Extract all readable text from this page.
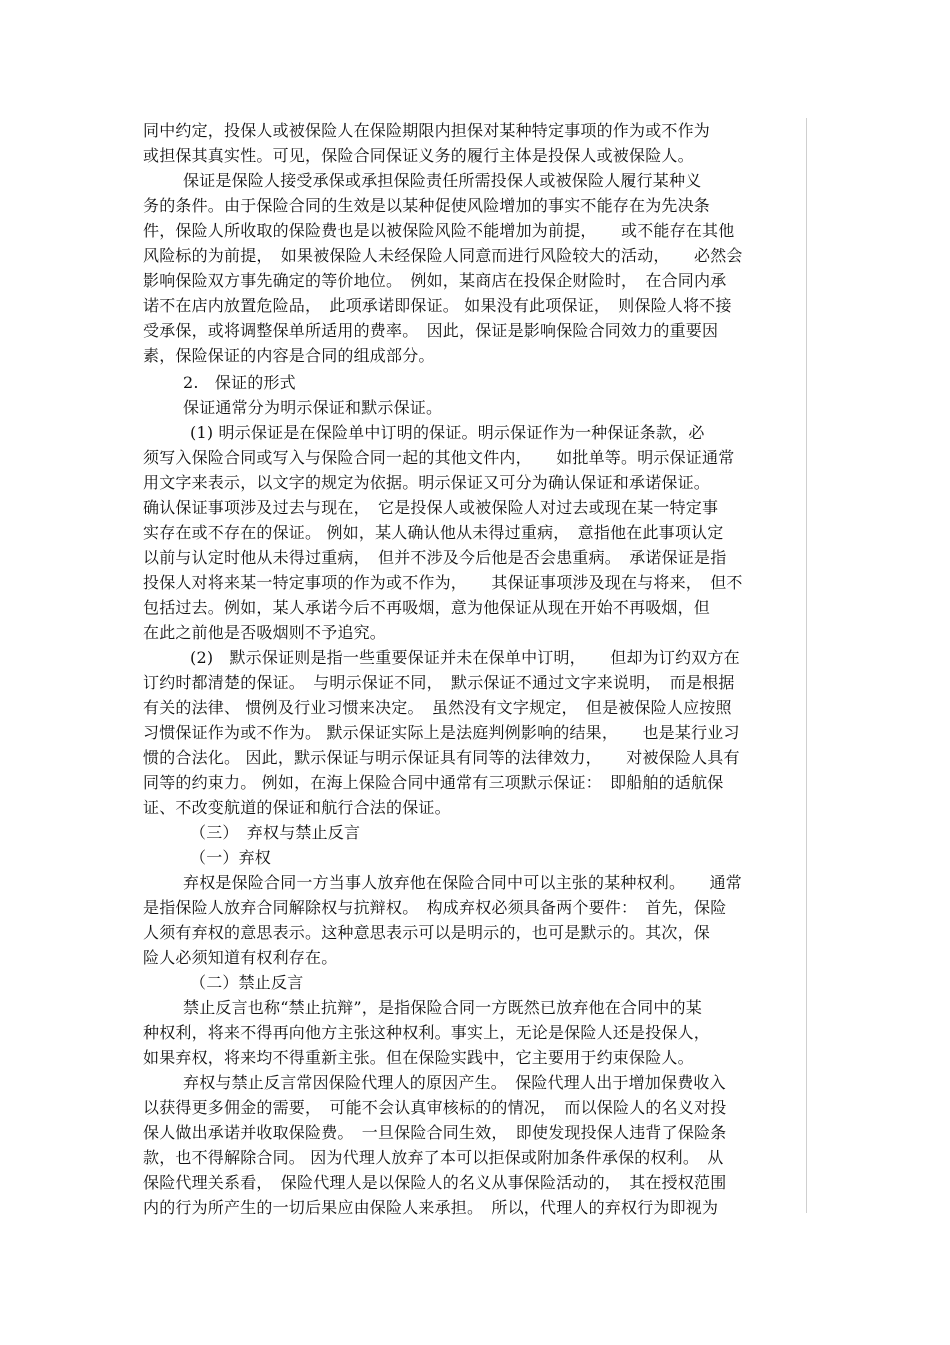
同中约定，投保人或被保险人在保险期限内担保对某种特定事项的作为或不作为
或担保其真实性。可见，保险合同保证义务的履行主体是投保人或被保险人。
保证是保险人接受承保或承担保险责任所需投保人或被保险人履行某种义
务的条件。由于保险合同的生效是以某种促使风险增加的事实不能存在为先决条
件，保险人所收取的保险费也是以被保险风险不能增加为前提，　　或不能存在其他
风险标的为前提，　如果被保险人未经保险人同意而进行风险较大的活动，　　必然会
影响保险双方事先确定的等价地位。　例如，某商店在投保企财险时，　在合同内承
诺不在店内放置危险品，　此项承诺即保证。 如果没有此项保证，　则保险人将不接
受承保，或将调整保单所适用的费率。　因此，保证是影响保险合同效力的重要因
素，保险保证的内容是合同的组成部分。
2.　保证的形式
保证通常分为明示保证和默示保证。
(1) 明示保证是在保险单中订明的保证。明示保证作为一种保证条款，必
须写入保险合同或写入与保险合同一起的其他文件内，　　如批单等。明示保证通常
用文字来表示，以文字的规定为依据。明示保证又可分为确认保证和承诺保证。
确认保证事项涉及过去与现在，　它是投保人或被保险人对过去或现在某一特定事
实存在或不存在的保证。 例如，某人确认他从未得过重病，　意指他在此事项认定
以前与认定时他从未得过重病，　但并不涉及今后他是否会患重病。　承诺保证是指
投保人对将来某一特定事项的作为或不作为，　　其保证事项涉及现在与将来，　但不
包括过去。例如，某人承诺今后不再吸烟，意为他保证从现在开始不再吸烟，但
在此之前他是否吸烟则不予追究。
(2)　默示保证则是指一些重要保证并未在保单中订明，　　但却为订约双方在
订约时都清楚的保证。　与明示保证不同，　默示保证不通过文字来说明，　而是根据
有关的法律、 惯例及行业习惯来决定。　虽然没有文字规定，　但是被保险人应按照
习惯保证作为或不作为。 默示保证实际上是法庭判例影响的结果，　　也是某行业习
惯的合法化。 因此，默示保证与明示保证具有同等的法律效力，　　对被保险人具有
同等的约束力。 例如，在海上保险合同中通常有三项默示保证：　即船舶的适航保
证、不改变航道的保证和航行合法的保证。
（三）　弃权与禁止反言
（一）弃权
弃权是保险合同一方当事人放弃他在保险合同中可以主张的某种权利。　　通常
是指保险人放弃合同解除权与抗辩权。　构成弃权必须具备两个要件：　首先，保险
人须有弃权的意思表示。这种意思表示可以是明示的，也可是默示的。其次，保
险人必须知道有权利存在。
（二）禁止反言
禁止反言也称“禁止抗辩”，是指保险合同一方既然已放弃他在合同中的某
种权利，将来不得再向他方主张这种权利。事实上，无论是保险人还是投保人，
如果弃权，将来均不得重新主张。但在保险实践中，它主要用于约束保险人。
弃权与禁止反言常因保险代理人的原因产生。　保险代理人出于增加保费收入
以获得更多佣金的需要，　可能不会认真审核标的的情况，　而以保险人的名义对投
保人做出承诺并收取保险费。　一旦保险合同生效，　即使发现投保人违背了保险条
款，也不得解除合同。 因为代理人放弃了本可以拒保或附加条件承保的权利。　从
保险代理关系看，　保险代理人是以保险人的名义从事保险活动的，　其在授权范围
内的行为所产生的一切后果应由保险人来承担。　所以，代理人的弃权行为即视为
